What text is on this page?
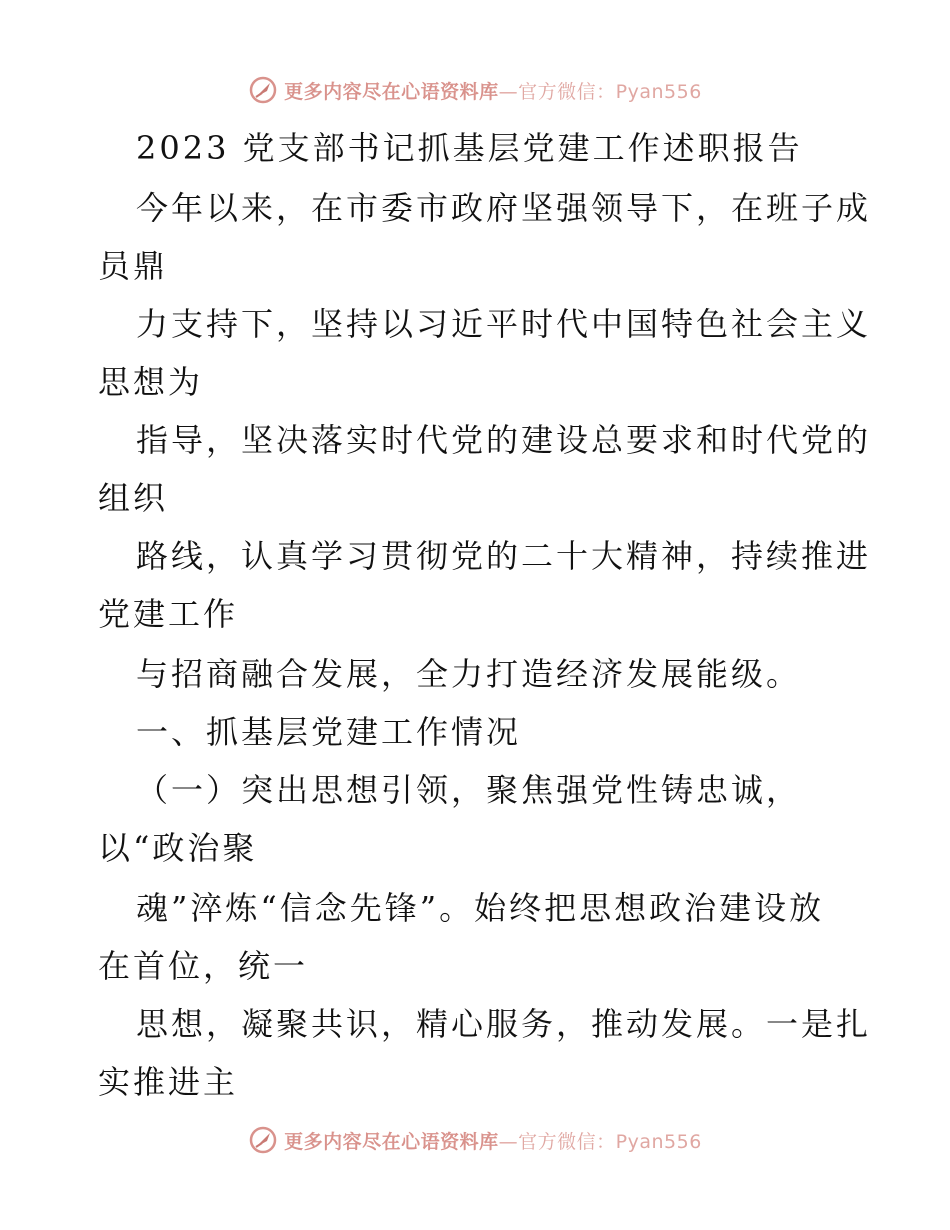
更多内容尽在心语资料库—官方微信：Pyan556
2023 党支部书记抓基层党建工作述职报告
今年以来，在市委市政府坚强领导下，在班子成
员鼎
力支持下，坚持以习近平时代中国特色社会主义
思想为
指导，坚决落实时代党的建设总要求和时代党的
组织
路线，认真学习贯彻党的二十大精神，持续推进
党建工作
与招商融合发展，全力打造经济发展能级。
一、抓基层党建工作情况
（一）突出思想引领，聚焦强党性铸忠诚，
以“政治聚
魂”淬炼“信念先锋”。始终把思想政治建设放
在首位，统一
思想，凝聚共识，精心服务，推动发展。一是扎
实推进主
更多内容尽在心语资料库—官方微信：Pyan556
